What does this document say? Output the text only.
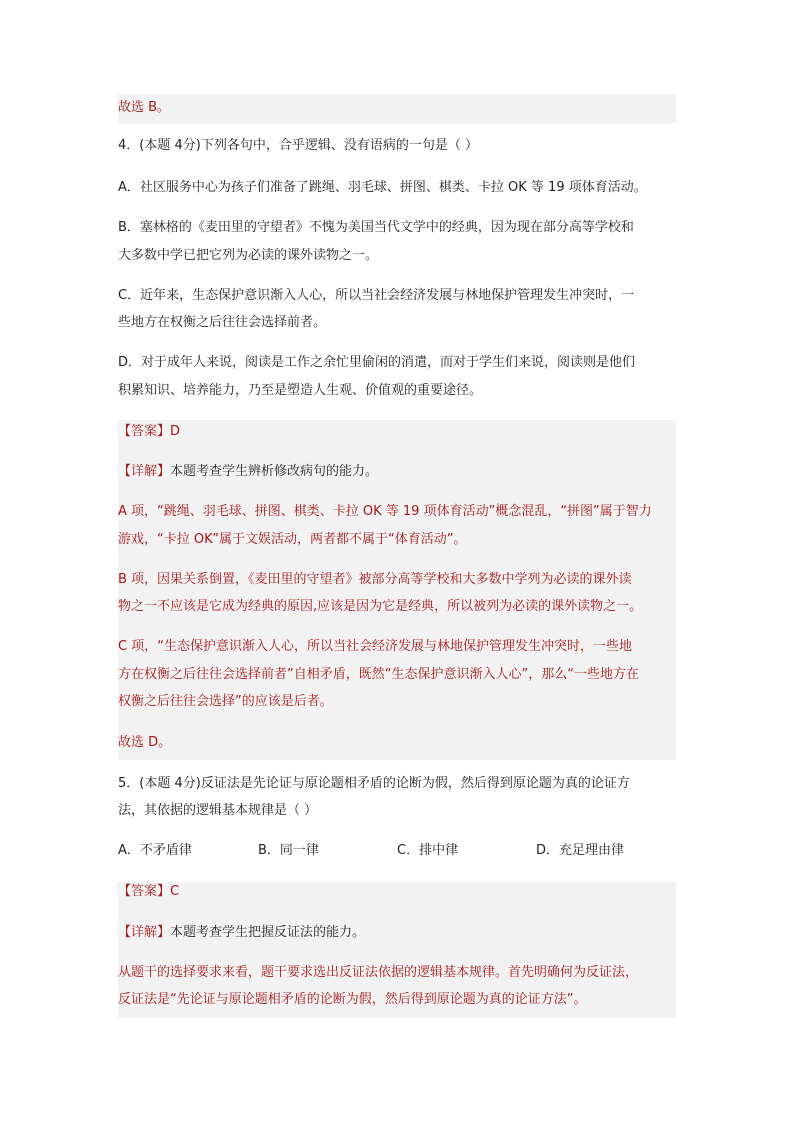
故选 B。
4．(本题 4分)下列各句中，合乎逻辑、没有语病的一句是（ ）
A．社区服务中心为孩子们准备了跳绳、羽毛球、拼图、棋类、卡拉 OK 等 19 项体育活动。
B．塞林格的《麦田里的守望者》不愧为美国当代文学中的经典，因为现在部分高等学校和
大多数中学已把它列为必读的课外读物之一。
C．近年来，生态保护意识渐入人心，所以当社会经济发展与林地保护管理发生冲突时，一
些地方在权衡之后往往会选择前者。
D．对于成年人来说，阅读是工作之余忙里偷闲的消遣，而对于学生们来说，阅读则是他们
积累知识、培养能力，乃至是塑造人生观、价值观的重要途径。
【答案】D
【详解】本题考查学生辨析修改病句的能力。
A 项，“跳绳、羽毛球、拼图、棋类、卡拉 OK 等 19 项体育活动”概念混乱，“拼图”属于智力
游戏，“卡拉 OK”属于文娱活动，两者都不属于“体育活动”。
B 项，因果关系倒置，《麦田里的守望者》被部分高等学校和大多数中学列为必读的课外读
物之一不应该是它成为经典的原因,应该是因为它是经典，所以被列为必读的课外读物之一。
C 项，“生态保护意识渐入人心，所以当社会经济发展与林地保护管理发生冲突时，一些地
方在权衡之后往往会选择前者”自相矛盾，既然“生态保护意识渐入人心”，那么“一些地方在
权衡之后往往会选择”的应该是后者。
故选 D。
5．(本题 4分)反证法是先论证与原论题相矛盾的论断为假，然后得到原论题为真的论证方
法，其依据的逻辑基本规律是（ ）
A．不矛盾律	B．同一律	C．排中律	D．充足理由律
【答案】C
【详解】本题考查学生把握反证法的能力。
从题干的选择要求来看，题干要求选出反证法依据的逻辑基本规律。首先明确何为反证法，
反证法是“先论证与原论题相矛盾的论断为假，然后得到原论题为真的论证方法”。
